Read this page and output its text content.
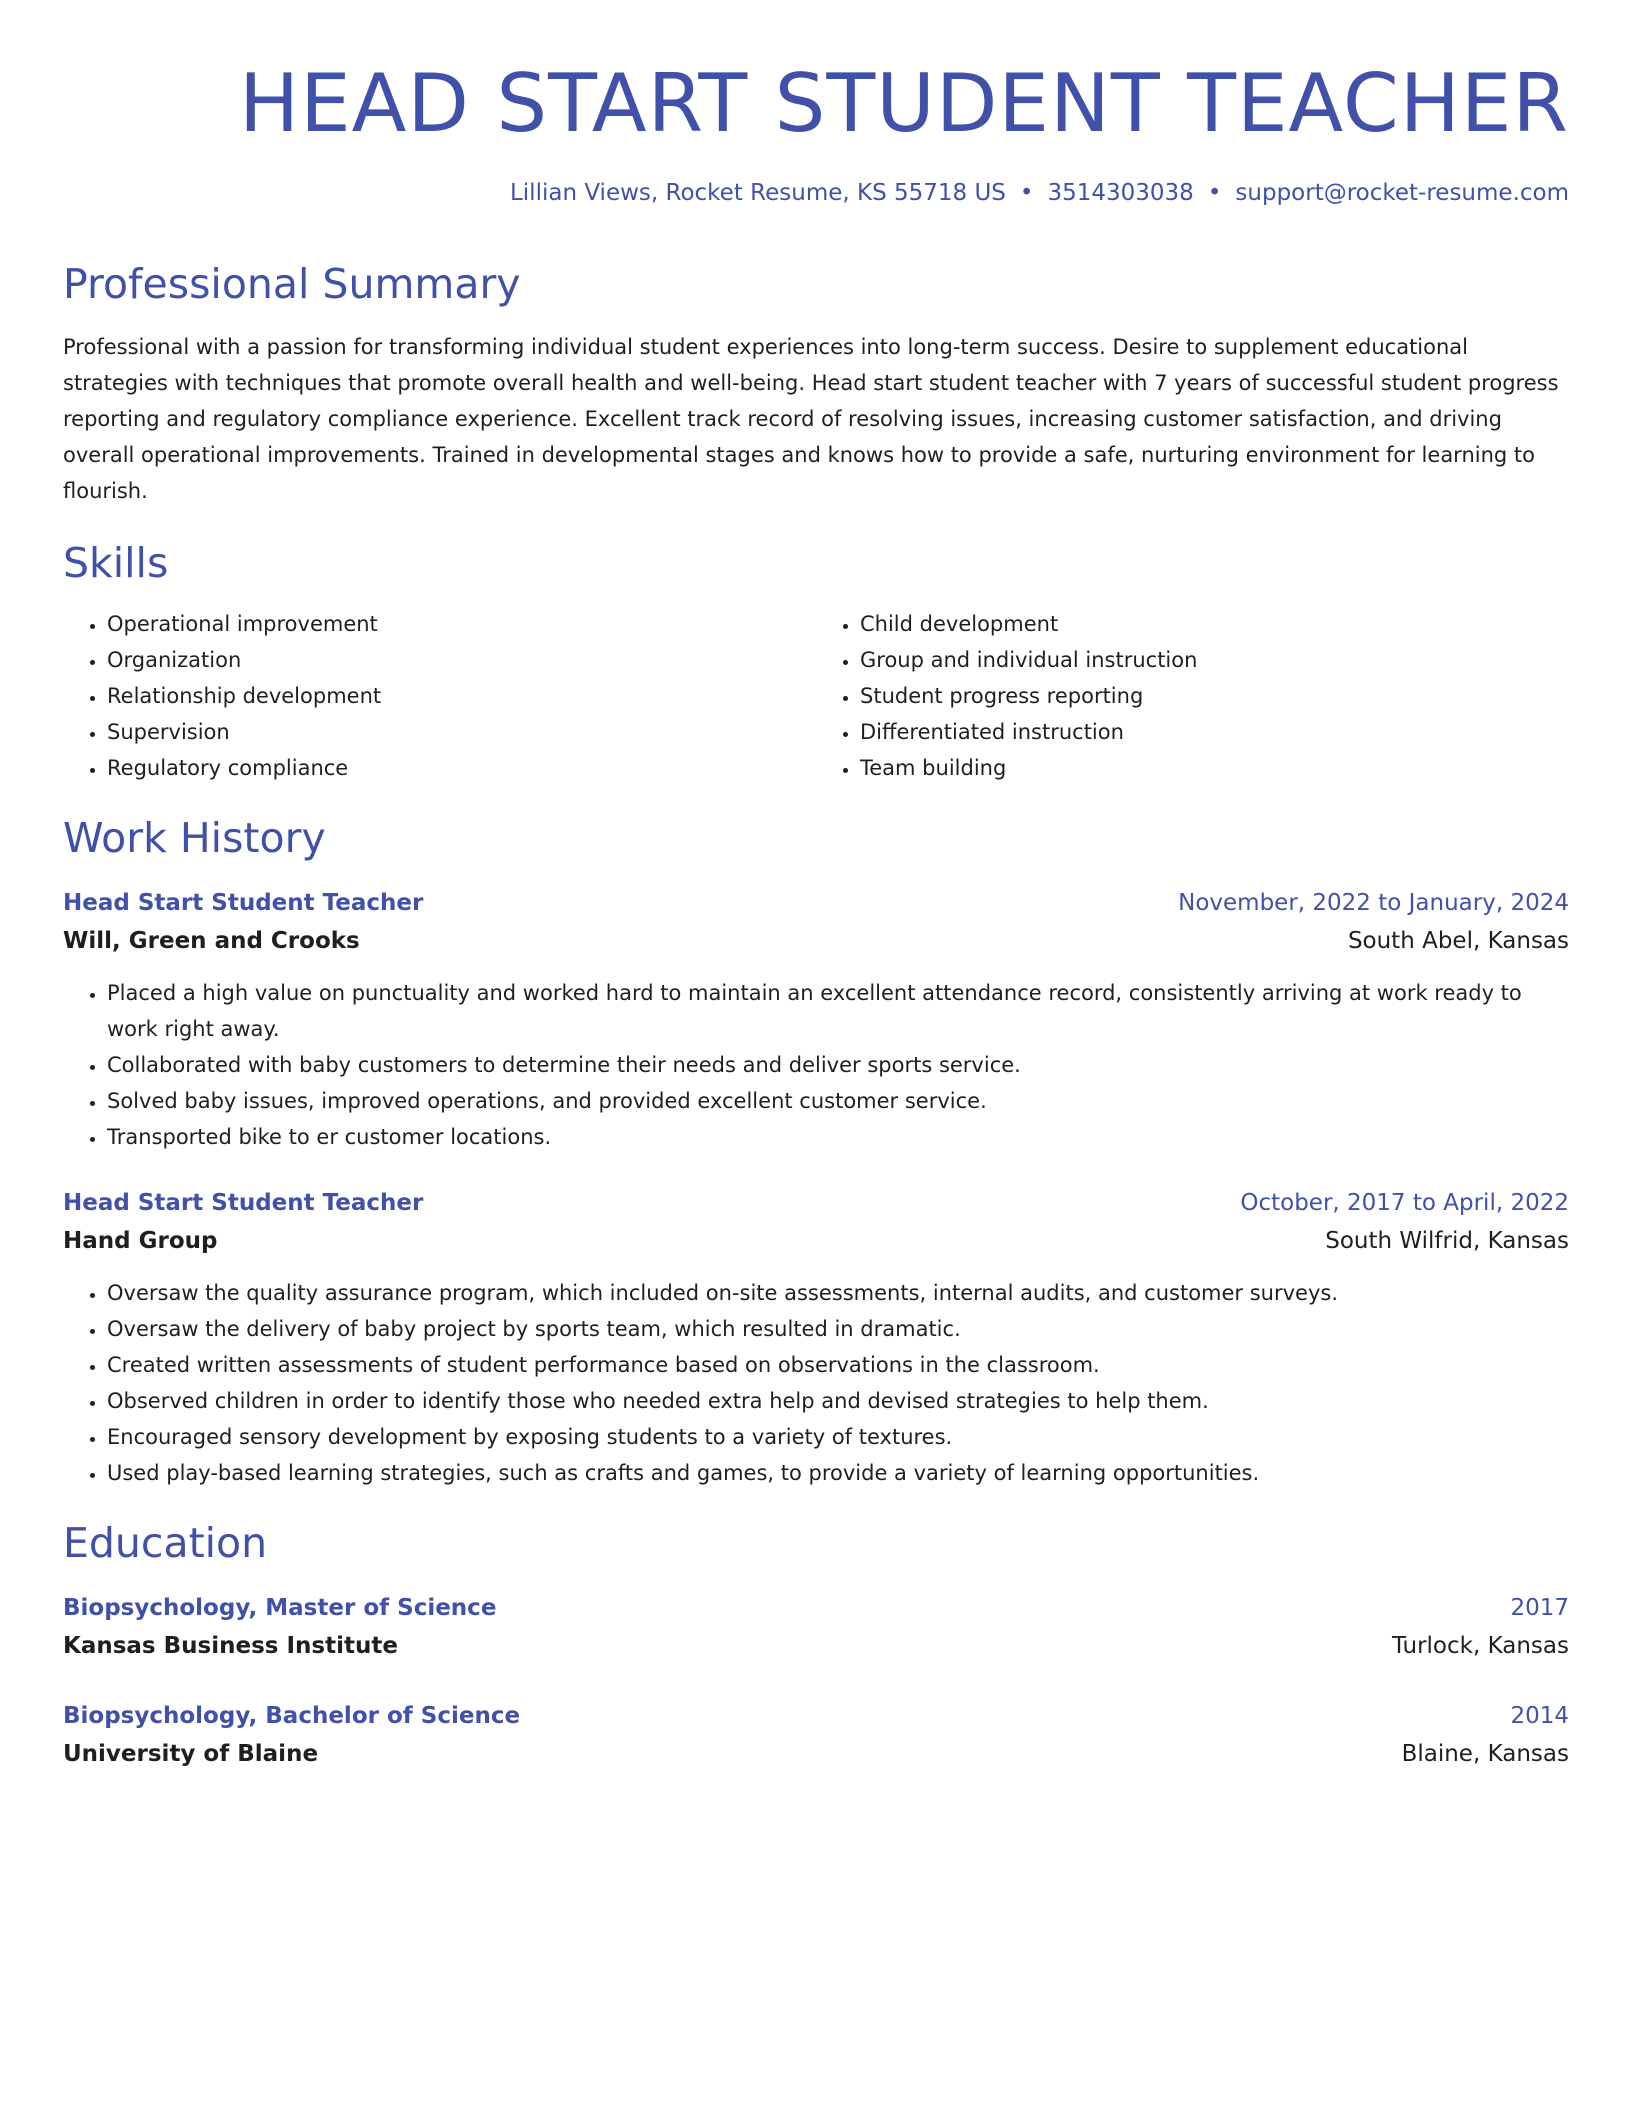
HEAD START STUDENT TEACHER
Lillian Views, Rocket Resume, KS 55718 US • 3514303038 • support@rocket-resume.com
Professional Summary

Professional with a passion for transforming individual student experiences into long-term success. Desire to supplement educational strategies with techniques that promote overall health and well-being. Head start student teacher with 7 years of successful student progress reporting and regulatory compliance experience. Excellent track record of resolving issues, increasing customer satisfaction, and driving overall operational improvements. Trained in developmental stages and knows how to provide a safe, nurturing environment for learning to flourish.

Skills
• Operational improvement
• Organization
• Relationship development
• Supervision
• Regulatory compliance
• Child development
• Group and individual instruction
• Student progress reporting
• Differentiated instruction
• Team building
Work History
Head Start Student Teacher	November, 2022 to January, 2024
Will, Green and Crooks	South Abel, Kansas
• Placed a high value on punctuality and worked hard to maintain an excellent attendance record, consistently arriving at work ready to work right away.
• Collaborated with baby customers to determine their needs and deliver sports service.
• Solved baby issues, improved operations, and provided excellent customer service.
• Transported bike to er customer locations.
Head Start Student Teacher	October, 2017 to April, 2022
Hand Group	South Wilfrid, Kansas
• Oversaw the quality assurance program, which included on-site assessments, internal audits, and customer surveys.
• Oversaw the delivery of baby project by sports team, which resulted in dramatic.
• Created written assessments of student performance based on observations in the classroom.
• Observed children in order to identify those who needed extra help and devised strategies to help them.
• Encouraged sensory development by exposing students to a variety of textures.
• Used play-based learning strategies, such as crafts and games, to provide a variety of learning opportunities.
Education
Biopsychology, Master of Science	2017
Kansas Business Institute	Turlock, Kansas
Biopsychology, Bachelor of Science	2014
University of Blaine	Blaine, Kansas
